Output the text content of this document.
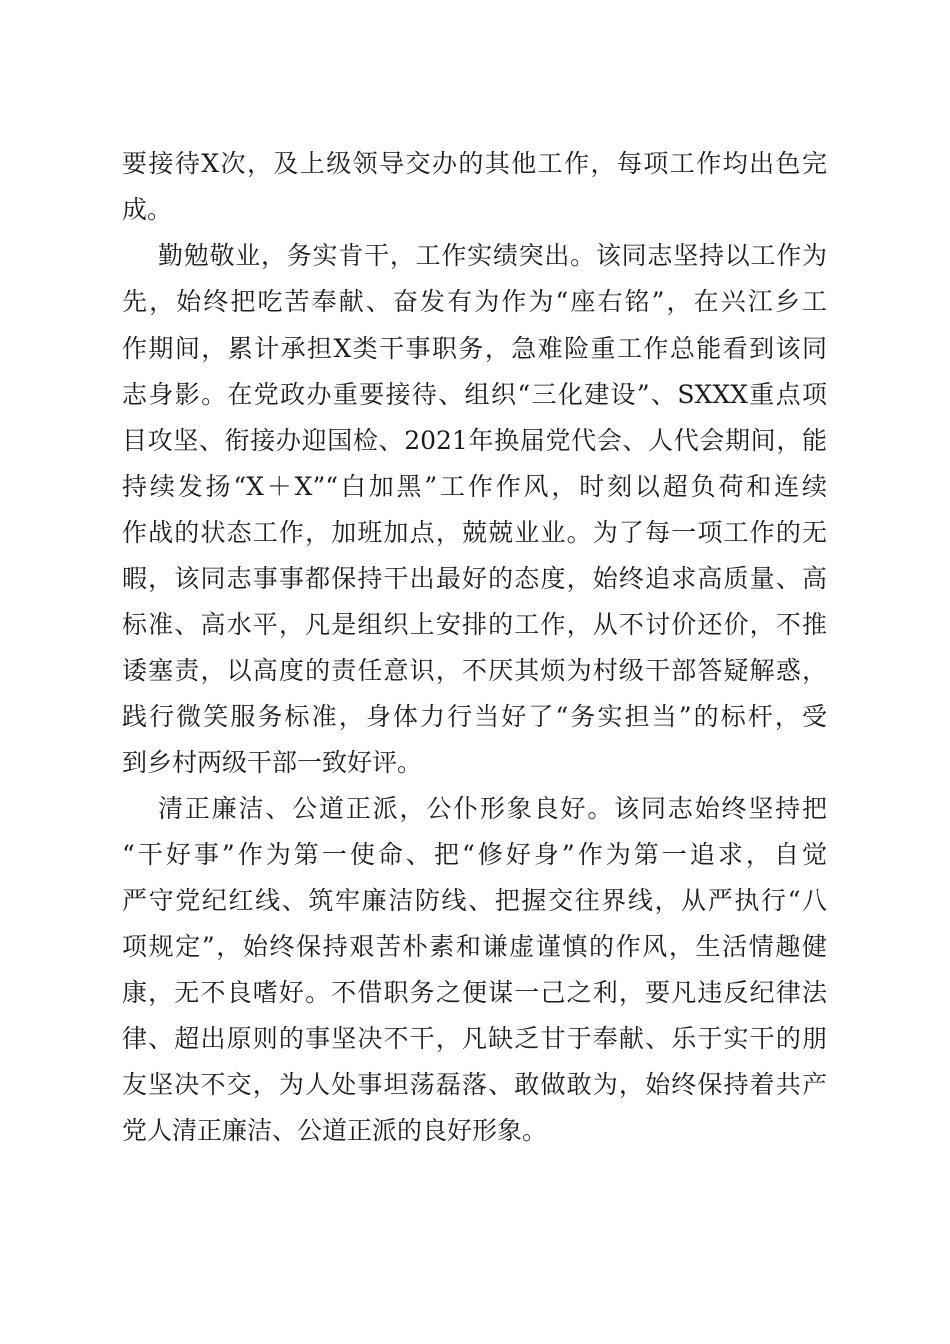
要接待X次，及上级领导交办的其他工作，每项工作均出色完
成。
勤勉敬业，务实肯干，工作实绩突出。该同志坚持以工作为
先，始终把吃苦奉献、奋发有为作为“座右铭”，在兴江乡工
作期间，累计承担X类干事职务，急难险重工作总能看到该同
志身影。在党政办重要接待、组织“三化建设”、SXXX重点项
目攻坚、衔接办迎国检、2021年换届党代会、人代会期间，能
持续发扬“X＋X”“白加黑”工作作风，时刻以超负荷和连续
作战的状态工作，加班加点，兢兢业业。为了每一项工作的无
暇，该同志事事都保持干出最好的态度，始终追求高质量、高
标准、高水平，凡是组织上安排的工作，从不讨价还价，不推
诿塞责，以高度的责任意识，不厌其烦为村级干部答疑解惑，
践行微笑服务标准，身体力行当好了“务实担当”的标杆，受
到乡村两级干部一致好评。
清正廉洁、公道正派，公仆形象良好。该同志始终坚持把
“干好事”作为第一使命、把“修好身”作为第一追求，自觉
严守党纪红线、筑牢廉洁防线、把握交往界线，从严执行“八
项规定”，始终保持艰苦朴素和谦虚谨慎的作风，生活情趣健
康，无不良嗜好。不借职务之便谋一己之利，要凡违反纪律法
律、超出原则的事坚决不干，凡缺乏甘于奉献、乐于实干的朋
友坚决不交，为人处事坦荡磊落、敢做敢为，始终保持着共产
党人清正廉洁、公道正派的良好形象。
